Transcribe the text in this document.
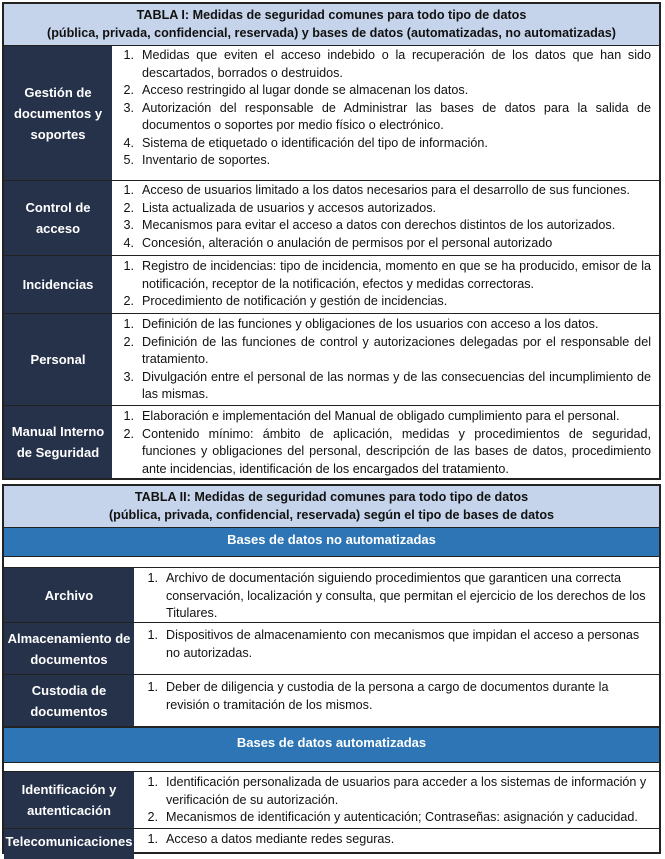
TABLA I: Medidas de seguridad comunes para todo tipo de datos
(pública, privada, confidencial, reservada) y bases de datos (automatizadas, no automatizadas)
Gestión de documentos y soportes
1. Medidas que eviten el acceso indebido o la recuperación de los datos que han sido descartados, borrados o destruidos.
2. Acceso restringido al lugar donde se almacenan los datos.
3. Autorización del responsable de Administrar las bases de datos para la salida de documentos o soportes por medio físico o electrónico.
4. Sistema de etiquetado o identificación del tipo de información.
5. Inventario de soportes.
Control de acceso
1. Acceso de usuarios limitado a los datos necesarios para el desarrollo de sus funciones.
2. Lista actualizada de usuarios y accesos autorizados.
3. Mecanismos para evitar el acceso a datos con derechos distintos de los autorizados.
4. Concesión, alteración o anulación de permisos por el personal autorizado
Incidencias
1. Registro de incidencias: tipo de incidencia, momento en que se ha producido, emisor de la notificación, receptor de la notificación, efectos y medidas correctoras.
2. Procedimiento de notificación y gestión de incidencias.
Personal
1. Definición de las funciones y obligaciones de los usuarios con acceso a los datos.
2. Definición de las funciones de control y autorizaciones delegadas por el responsable del tratamiento.
3. Divulgación entre el personal de las normas y de las consecuencias del incumplimiento de las mismas.
Manual Interno de Seguridad
1. Elaboración e implementación del Manual de obligado cumplimiento para el personal.
2. Contenido mínimo: ámbito de aplicación, medidas y procedimientos de seguridad, funciones y obligaciones del personal, descripción de las bases de datos, procedimiento ante incidencias, identificación de los encargados del tratamiento.
TABLA II: Medidas de seguridad comunes para todo tipo de datos
(pública, privada, confidencial, reservada) según el tipo de bases de datos
Bases de datos no automatizadas
Archivo
1. Archivo de documentación siguiendo procedimientos que garanticen una correcta conservación, localización y consulta, que permitan el ejercicio de los derechos de los Titulares.
Almacenamiento de documentos
1. Dispositivos de almacenamiento con mecanismos que impidan el acceso a personas no autorizadas.
Custodia de documentos
1. Deber de diligencia y custodia de la persona a cargo de documentos durante la revisión o tramitación de los mismos.
Bases de datos automatizadas
Identificación y autenticación
1. Identificación personalizada de usuarios para acceder a los sistemas de información y verificación de su autorización.
2. Mecanismos de identificación y autenticación; Contraseñas: asignación y caducidad.
Telecomunicaciones	1. Acceso a datos mediante redes seguras.
